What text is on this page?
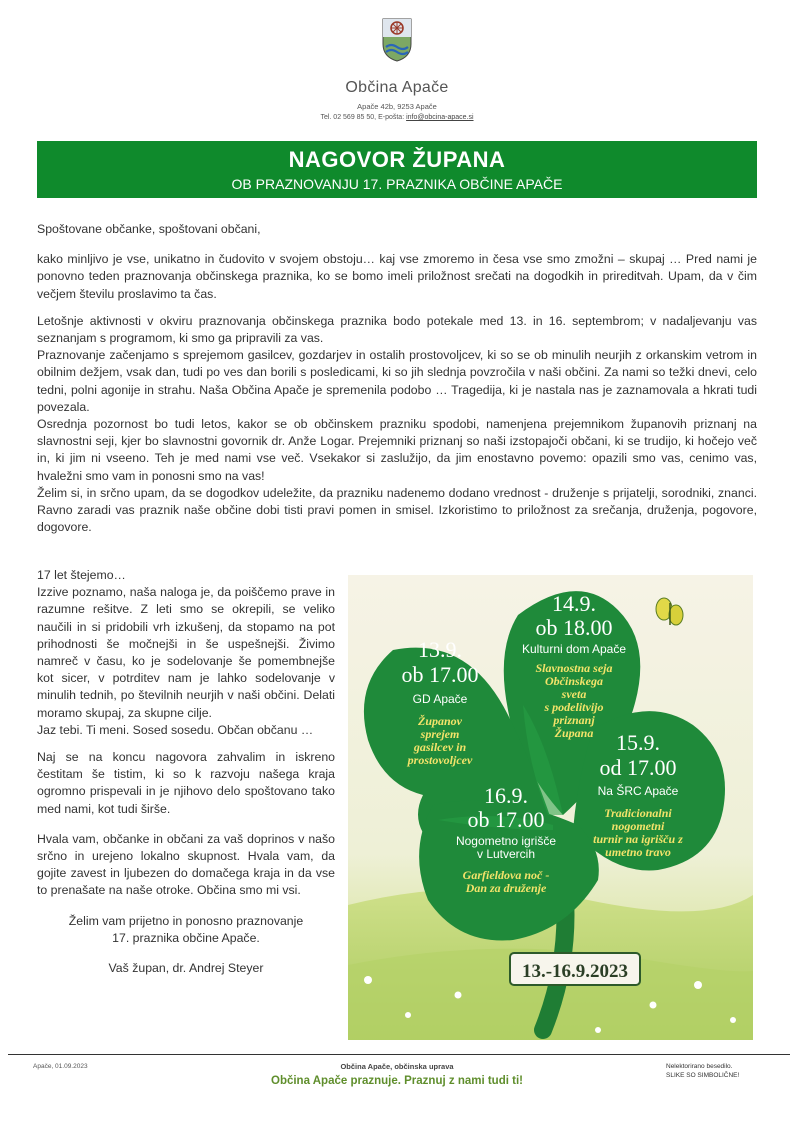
Občina Apače
Apače 42b, 9253 Apače
Tel. 02 569 85 50, E-pošta: info@obcina-apace.si
NAGOVOR ŽUPANA
OB PRAZNOVANJU 17. PRAZNIKA OBČINE APAČE

Spoštovane občanke, spoštovani občani,

kako minljivo je vse, unikatno in čudovito v svojem obstoju… kaj vse zmoremo in česa vse smo zmožni – skupaj … Pred nami je ponovno teden praznovanja občinskega praznika, ko se bomo imeli priložnost srečati na dogodkih in prireditvah. Upam, da v čim večjem številu proslavimo ta čas.

Letošnje aktivnosti v okviru praznovanja občinskega praznika bodo potekale med 13. in 16. septembrom; v nadaljevanju vas seznanjam s programom, ki smo ga pripravili za vas.

Praznovanje začenjamo s sprejemom gasilcev, gozdarjev in ostalih prostovoljcev, ki so se ob minulih neurjih z orkanskim vetrom in obilnim dežjem, vsak dan, tudi po ves dan borili s posledicami, ki so jih slednja povzročila v naši občini. Za nami so težki dnevi, celo tedni, polni agonije in strahu. Naša Občina Apače je spremenila podobo … Tragedija, ki je nastala nas je zaznamovala a hkrati tudi povezala.

Osrednja pozornost bo tudi letos, kakor se ob občinskem prazniku spodobi, namenjena prejemnikom županovih priznanj na slavnostni seji, kjer bo slavnostni govornik dr. Anže Logar. Prejemniki priznanj so naši izstopajoči občani, ki se trudijo, ki hočejo več in, ki jim ni vseeno. Teh je med nami vse več. Vsekakor si zaslužijo, da jim enostavno povemo: opazili smo vas, cenimo vas, hvaležni smo vam in ponosni smo na vas!

Želim si, in srčno upam, da se dogodkov udeležite, da prazniku nadenemo dodano vrednost - druženje s prijatelji, sorodniki, znanci. Ravno zaradi vas praznik naše občine dobi tisti pravi pomen in smisel. Izkoristimo to priložnost za srečanja, druženja, pogovore, dogovore.

17 let štejemo…

Izzive poznamo, naša naloga je, da poiščemo prave in razumne rešitve. Z leti smo se okrepili, se veliko naučili in si pridobili vrh izkušenj, da stopamo na pot prihodnosti še močnejši in še uspešnejši. Živimo namreč v času, ko je sodelovanje še pomembnejše kot sicer, v potrditev nam je lahko sodelovanje v minulih tednih, po številnih neurjih v naši občini. Delati moramo skupaj, za skupne cilje.

Jaz tebi. Ti meni. Sosed sosedu. Občan občanu …

Naj se na koncu nagovora zahvalim in iskreno čestitam še tistim, ki so k razvoju našega kraja ogromno prispevali in je njihovo delo spoštovano tako med nami, kot tudi širše.

Hvala vam, občanke in občani za vaš doprinos v našo srčno in urejeno lokalno skupnost. Hvala vam, da gojite zavest in ljubezen do domačega kraja in da vse to prenašate na naše otroke. Občina smo mi vsi.

Želim vam prijetno in ponosno praznovanje
17. praznika občine Apače.
Vaš župan, dr. Andrej Steyer
13.9.
ob 17.00
GD Apače
Županov
sprejem
gasilcev in
prostovoljcev
14.9.
ob 18.00
Kulturni dom Apače
Slavnostna seja
Občinskega
sveta
s podelitvijo
priznanj
Župana 15.9.
od 17.00
Na ŠRC Apače
Tradicionalni
nogometni
turnir na igrišču z
umetno travo
16.9.
ob 17.00
Nogometno igrišče
v Lutvercih
Garfieldova noč -
Dan za druženje
13.-16.9.2023
Apače, 01.09.2023	Občina Apače, občinska uprava
Občina Apače praznuje. Praznuj z nami tudi ti!
Nelektorirano besedilo.
SLIKE SO SIMBOLIČNE!
